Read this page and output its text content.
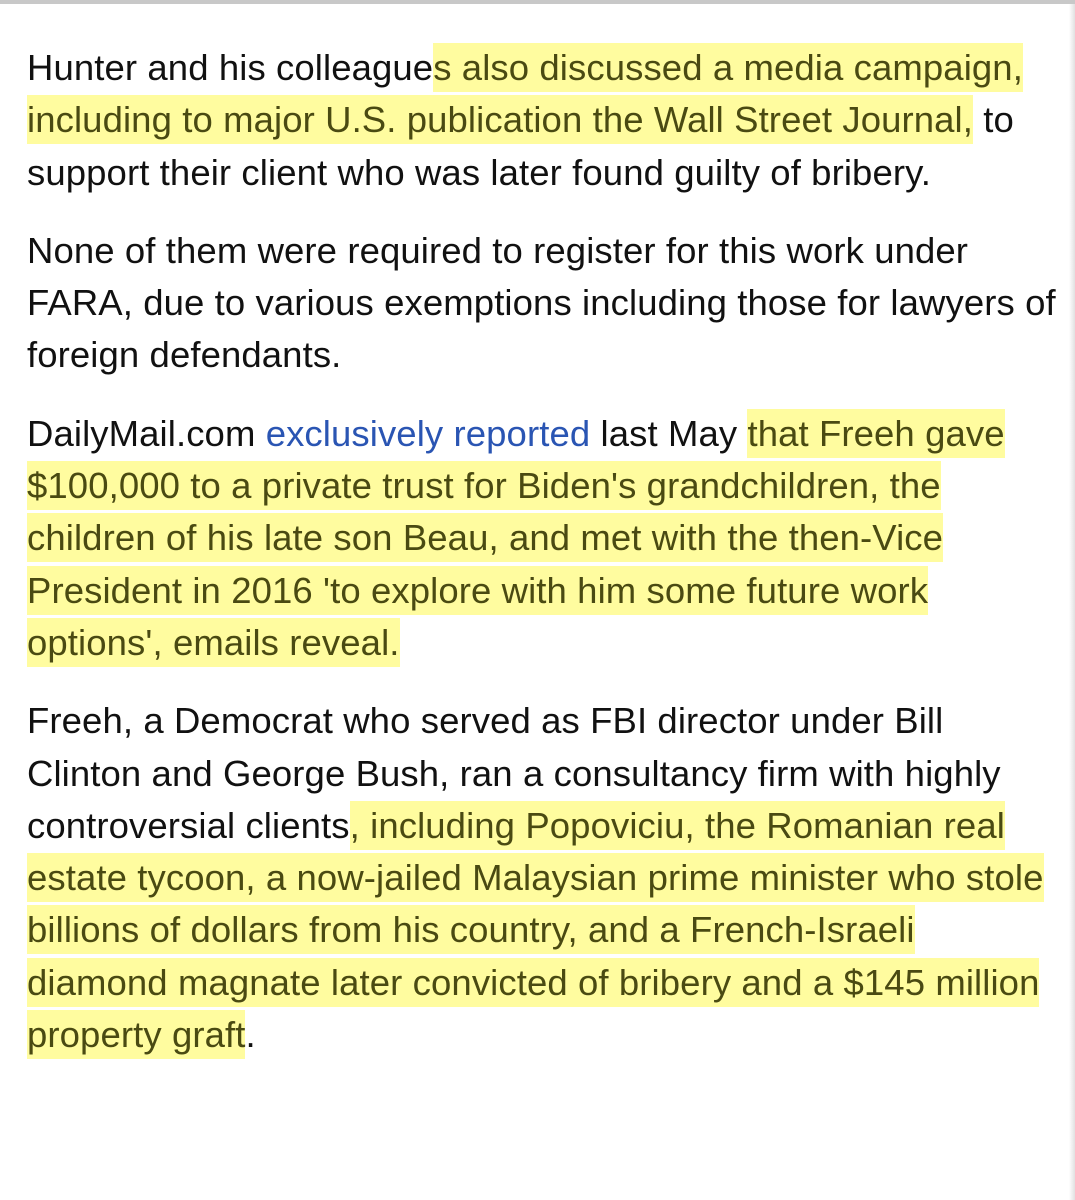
Hunter and his colleagues also discussed a media campaign, including to major U.S. publication the Wall Street Journal, to support their client who was later found guilty of bribery.

None of them were required to register for this work under FARA, due to various exemptions including those for lawyers of foreign defendants.

DailyMail.com exclusively reported last May that Freeh gave $100,000 to a private trust for Biden's grandchildren, the children of his late son Beau, and met with the then-Vice President in 2016 'to explore with him some future work options', emails reveal.

Freeh, a Democrat who served as FBI director under Bill Clinton and George Bush, ran a consultancy firm with highly controversial clients, including Popoviciu, the Romanian real estate tycoon, a now-jailed Malaysian prime minister who stole billions of dollars from his country, and a French-Israeli diamond magnate later convicted of bribery and a $145 million property graft.
